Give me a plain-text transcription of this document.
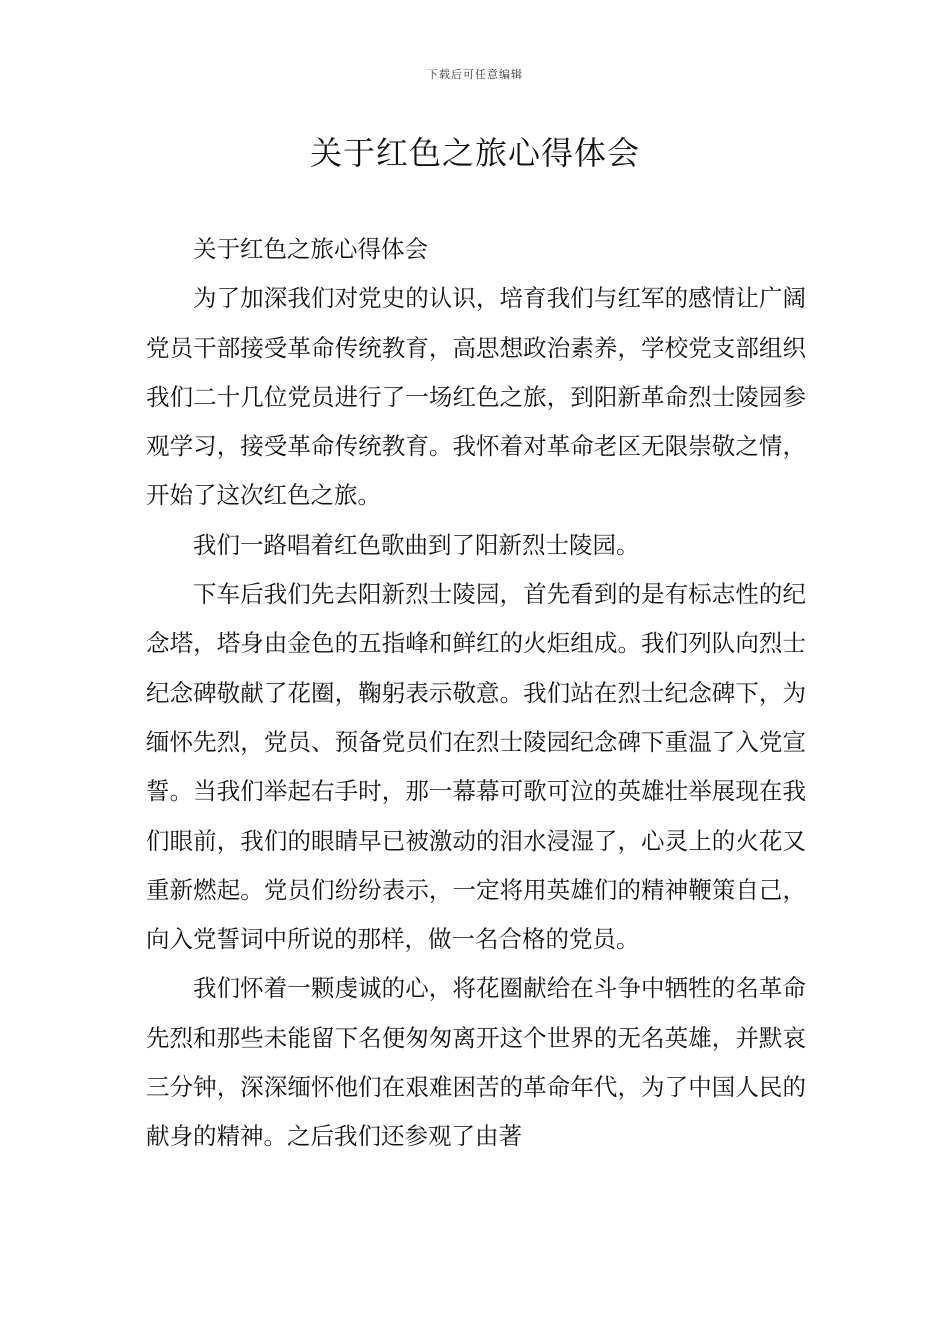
下载后可任意编辑
关于红色之旅心得体会

关于红色之旅心得体会

为了加深我们对党史的认识，培育我们与红军的感情让广阔党员干部接受革命传统教育，高思想政治素养，学校党支部组织我们二十几位党员进行了一场红色之旅，到阳新革命烈士陵园参观学习，接受革命传统教育。我怀着对革命老区无限崇敬之情，开始了这次红色之旅。

我们一路唱着红色歌曲到了阳新烈士陵园。

下车后我们先去阳新烈士陵园，首先看到的是有标志性的纪念塔，塔身由金色的五指峰和鲜红的火炬组成。我们列队向烈士纪念碑敬献了花圈，鞠躬表示敬意。我们站在烈士纪念碑下，为缅怀先烈，党员、预备党员们在烈士陵园纪念碑下重温了入党宣誓。当我们举起右手时，那一幕幕可歌可泣的英雄壮举展现在我们眼前，我们的眼睛早已被激动的泪水浸湿了，心灵上的火花又重新燃起。党员们纷纷表示，一定将用英雄们的精神鞭策自己，向入党誓词中所说的那样，做一名合格的党员。

我们怀着一颗虔诚的心，将花圈献给在斗争中牺牲的名革命先烈和那些未能留下名便匆匆离开这个世界的无名英雄，并默哀三分钟，深深缅怀他们在艰难困苦的革命年代，为了中国人民的献身的精神。之后我们还参观了由著
